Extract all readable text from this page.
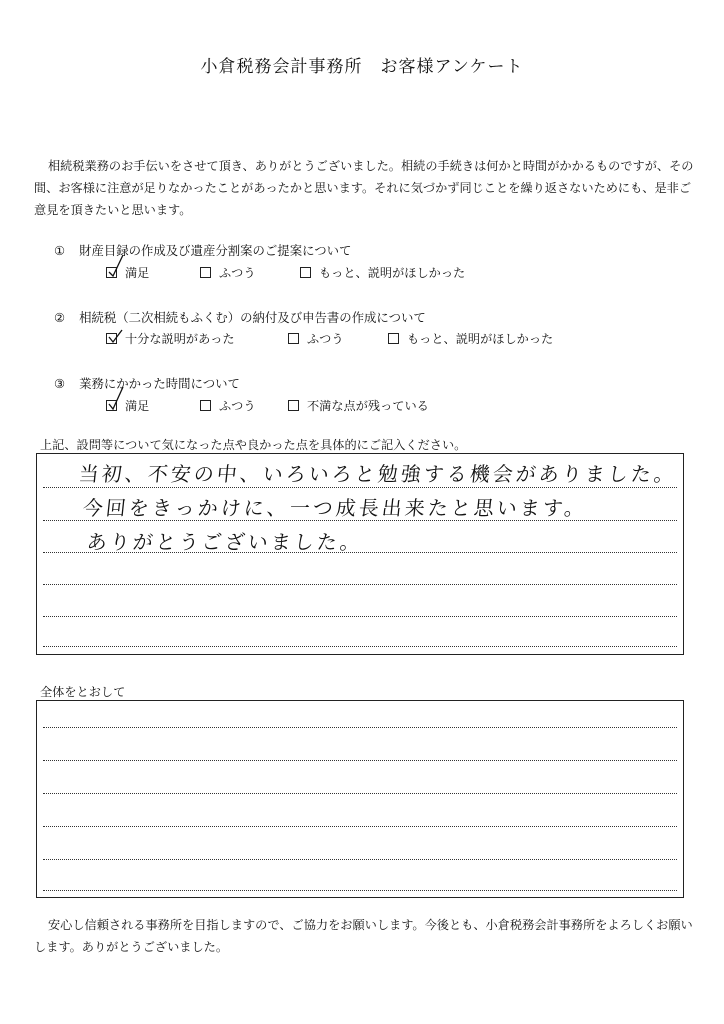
小倉税務会計事務所　お客様アンケート
相続税業務のお手伝いをさせて頂き、ありがとうございました。相続の手続きは何かと時間がかかるものですが、その間、お客様に注意が足りなかったことがあったかと思います。それに気づかず同じことを繰り返さないためにも、是非ご意見を頂きたいと思います。
① 財産目録の作成及び遺産分割案のご提案について
満足	ふつう	もっと、説明がほしかった
② 相続税（二次相続もふくむ）の納付及び申告書の作成について
十分な説明があった	ふつう	もっと、説明がほしかった
③ 業務にかかった時間について
満足	ふつう	不満な点が残っている
上記、設問等について気になった点や良かった点を具体的にご記入ください。
当初、不安の中、いろいろと勉強する機会がありました。
今回をきっかけに、一つ成長出来たと思います。
ありがとうございました。
全体をとおして
安心し信頼される事務所を目指しますので、ご協力をお願いします。今後とも、小倉税務会計事務所をよろしくお願いします。ありがとうございました。
